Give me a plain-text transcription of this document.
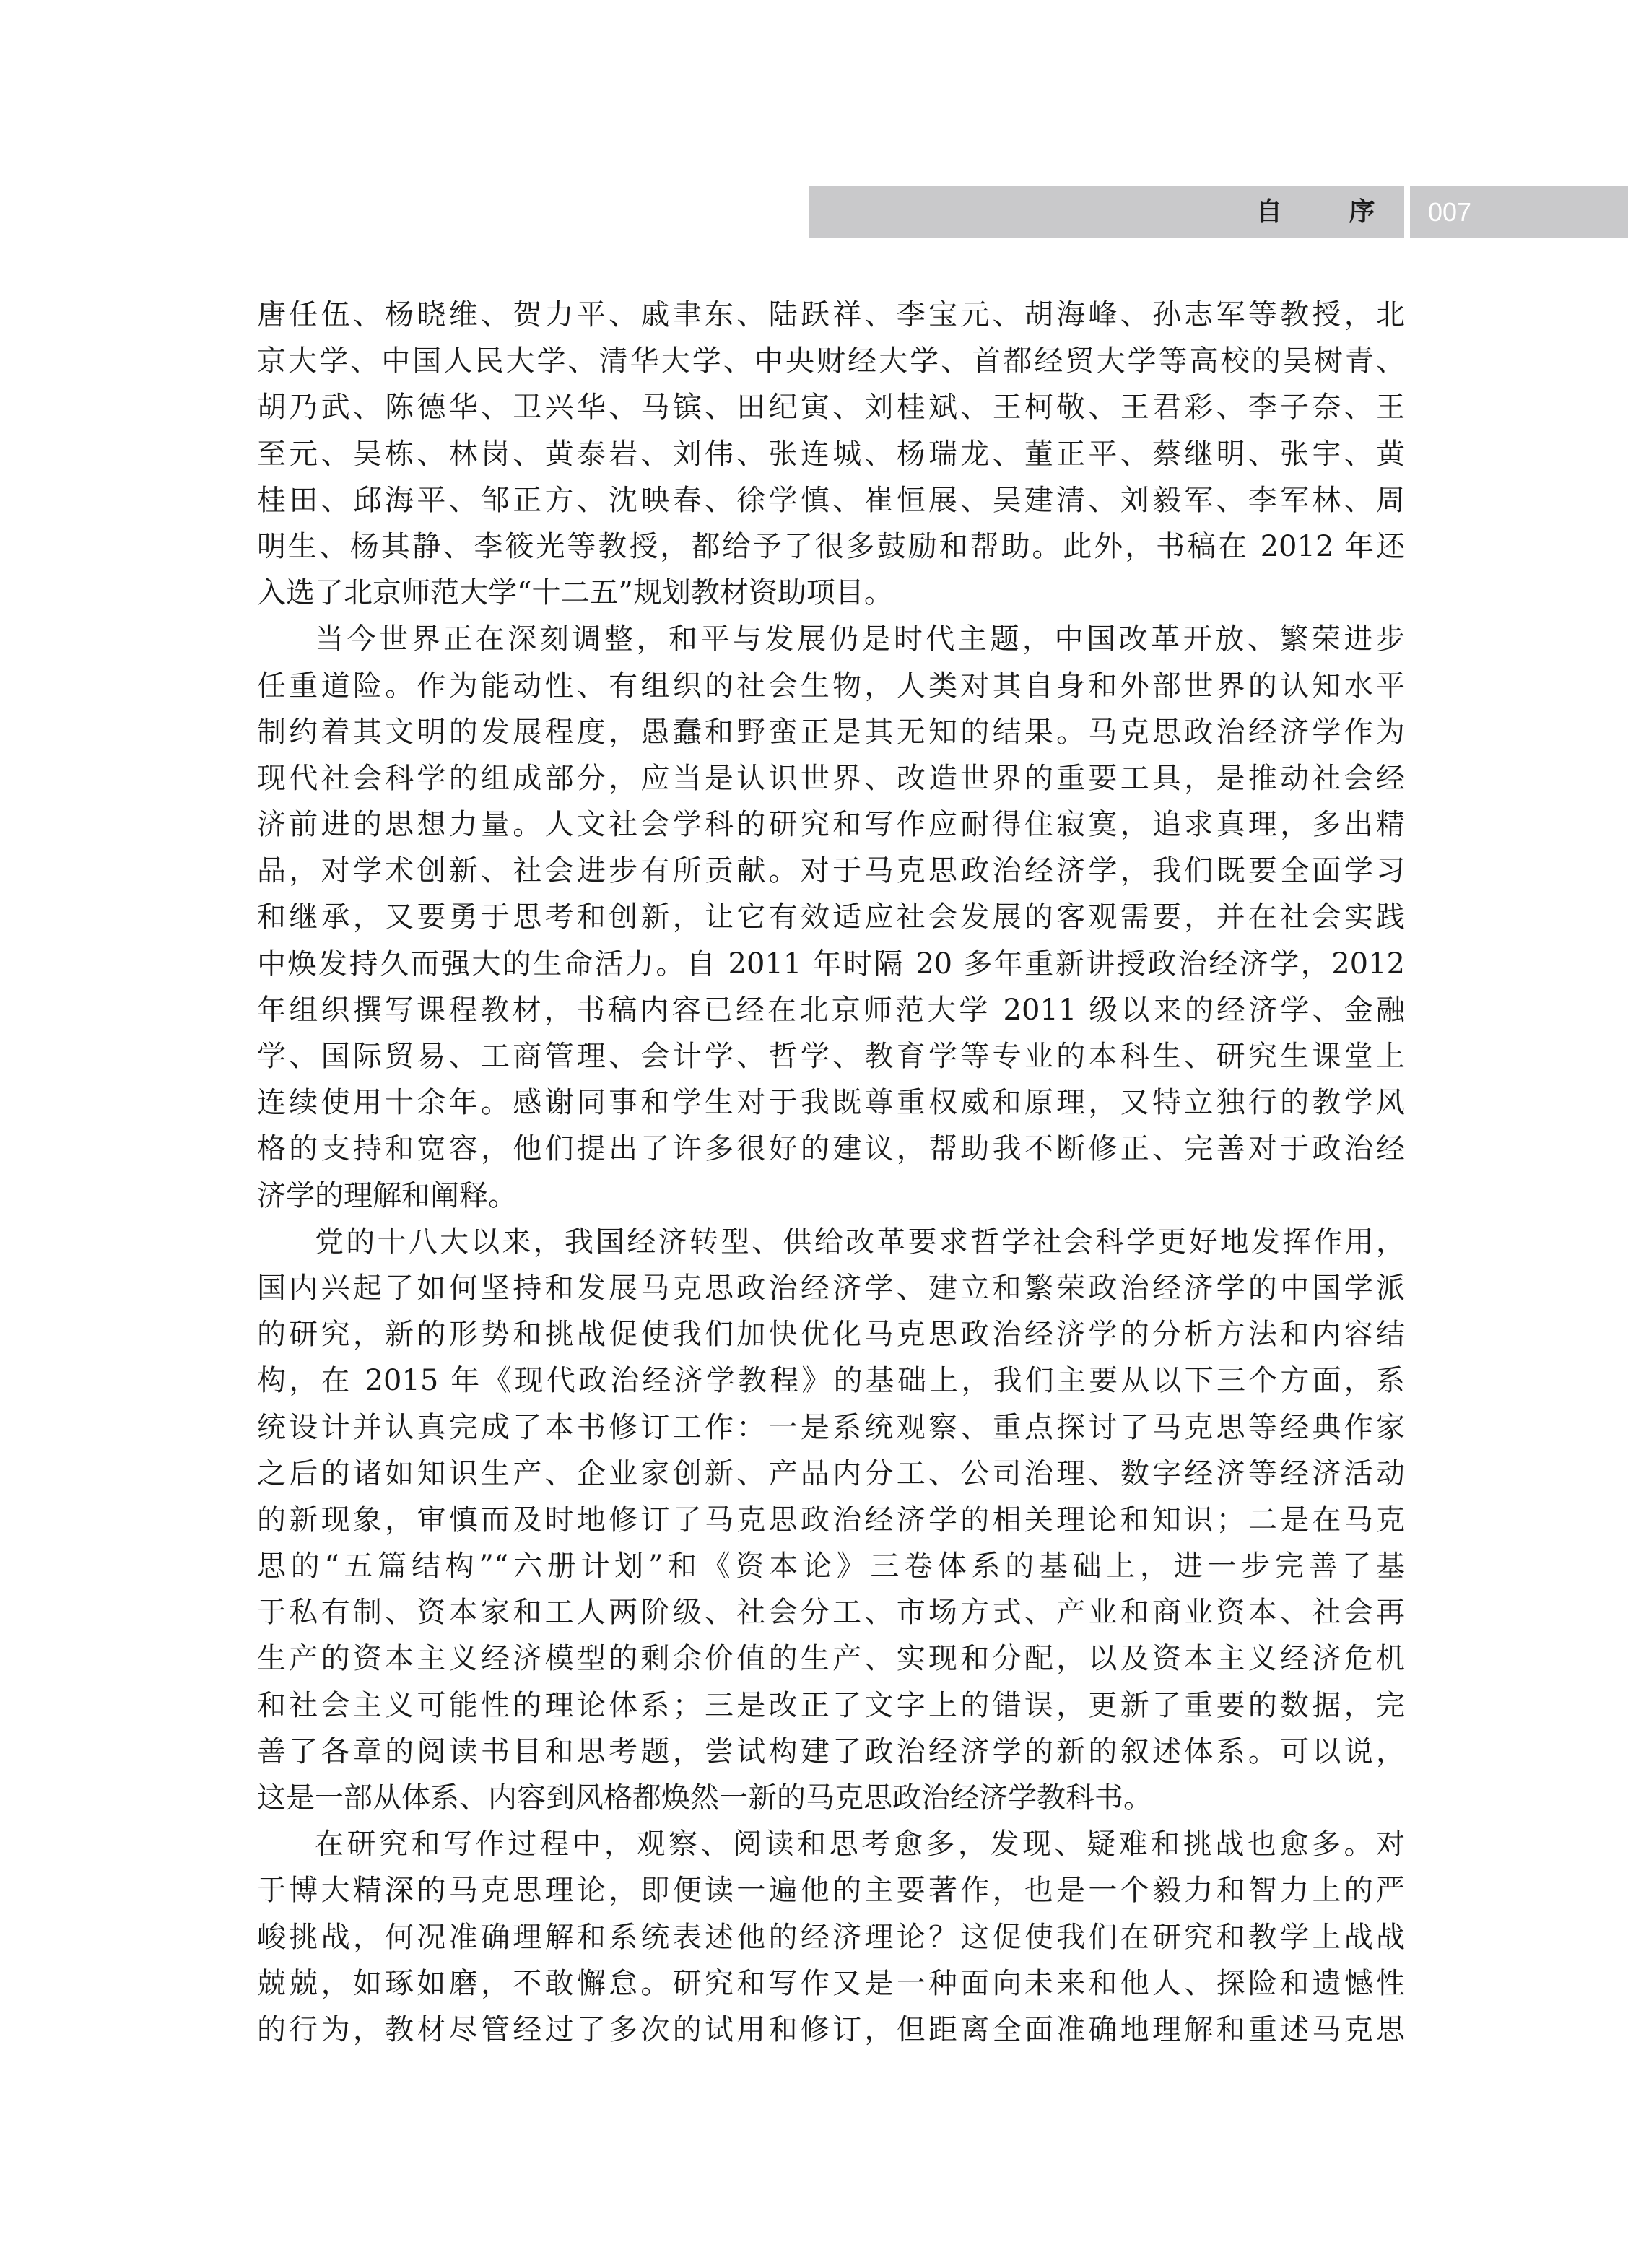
自 序 007
唐任伍、杨晓维、贺力平、戚聿东、陆跃祥、李宝元、胡海峰、孙志军等教授，北
京大学、中国人民大学、清华大学、中央财经大学、首都经贸大学等高校的吴树青、
胡乃武、陈德华、卫兴华、马镔、田纪寅、刘桂斌、王柯敬、王君彩、李子奈、王
至元、吴栋、林岗、黄泰岩、刘伟、张连城、杨瑞龙、董正平、蔡继明、张宇、黄
桂田、邱海平、邹正方、沈映春、徐学慎、崔恒展、吴建清、刘毅军、李军林、周
明生、杨其静、李筱光等教授，都给予了很多鼓励和帮助。此外，书稿在 2012 年还
入选了北京师范大学“十二五”规划教材资助项目。
当今世界正在深刻调整，和平与发展仍是时代主题，中国改革开放、繁荣进步
任重道险。作为能动性、有组织的社会生物，人类对其自身和外部世界的认知水平
制约着其文明的发展程度，愚蠢和野蛮正是其无知的结果。马克思政治经济学作为
现代社会科学的组成部分，应当是认识世界、改造世界的重要工具，是推动社会经
济前进的思想力量。人文社会学科的研究和写作应耐得住寂寞，追求真理，多出精
品，对学术创新、社会进步有所贡献。对于马克思政治经济学，我们既要全面学习
和继承，又要勇于思考和创新，让它有效适应社会发展的客观需要，并在社会实践
中焕发持久而强大的生命活力。自 2011 年时隔 20 多年重新讲授政治经济学，2012
年组织撰写课程教材，书稿内容已经在北京师范大学 2011 级以来的经济学、金融
学、国际贸易、工商管理、会计学、哲学、教育学等专业的本科生、研究生课堂上
连续使用十余年。感谢同事和学生对于我既尊重权威和原理，又特立独行的教学风
格的支持和宽容，他们提出了许多很好的建议，帮助我不断修正、完善对于政治经
济学的理解和阐释。
党的十八大以来，我国经济转型、供给改革要求哲学社会科学更好地发挥作用，
国内兴起了如何坚持和发展马克思政治经济学、建立和繁荣政治经济学的中国学派
的研究，新的形势和挑战促使我们加快优化马克思政治经济学的分析方法和内容结
构，在 2015 年《现代政治经济学教程》的基础上，我们主要从以下三个方面，系
统设计并认真完成了本书修订工作：一是系统观察、重点探讨了马克思等经典作家
之后的诸如知识生产、企业家创新、产品内分工、公司治理、数字经济等经济活动
的新现象，审慎而及时地修订了马克思政治经济学的相关理论和知识；二是在马克
思的“五篇结构”“六册计划”和《资本论》三卷体系的基础上，进一步完善了基
于私有制、资本家和工人两阶级、社会分工、市场方式、产业和商业资本、社会再
生产的资本主义经济模型的剩余价值的生产、实现和分配，以及资本主义经济危机
和社会主义可能性的理论体系；三是改正了文字上的错误，更新了重要的数据，完
善了各章的阅读书目和思考题，尝试构建了政治经济学的新的叙述体系。可以说，
这是一部从体系、内容到风格都焕然一新的马克思政治经济学教科书。
在研究和写作过程中，观察、阅读和思考愈多，发现、疑难和挑战也愈多。对
于博大精深的马克思理论，即便读一遍他的主要著作，也是一个毅力和智力上的严
峻挑战，何况准确理解和系统表述他的经济理论？这促使我们在研究和教学上战战
兢兢，如琢如磨，不敢懈怠。研究和写作又是一种面向未来和他人、探险和遗憾性
的行为，教材尽管经过了多次的试用和修订，但距离全面准确地理解和重述马克思
